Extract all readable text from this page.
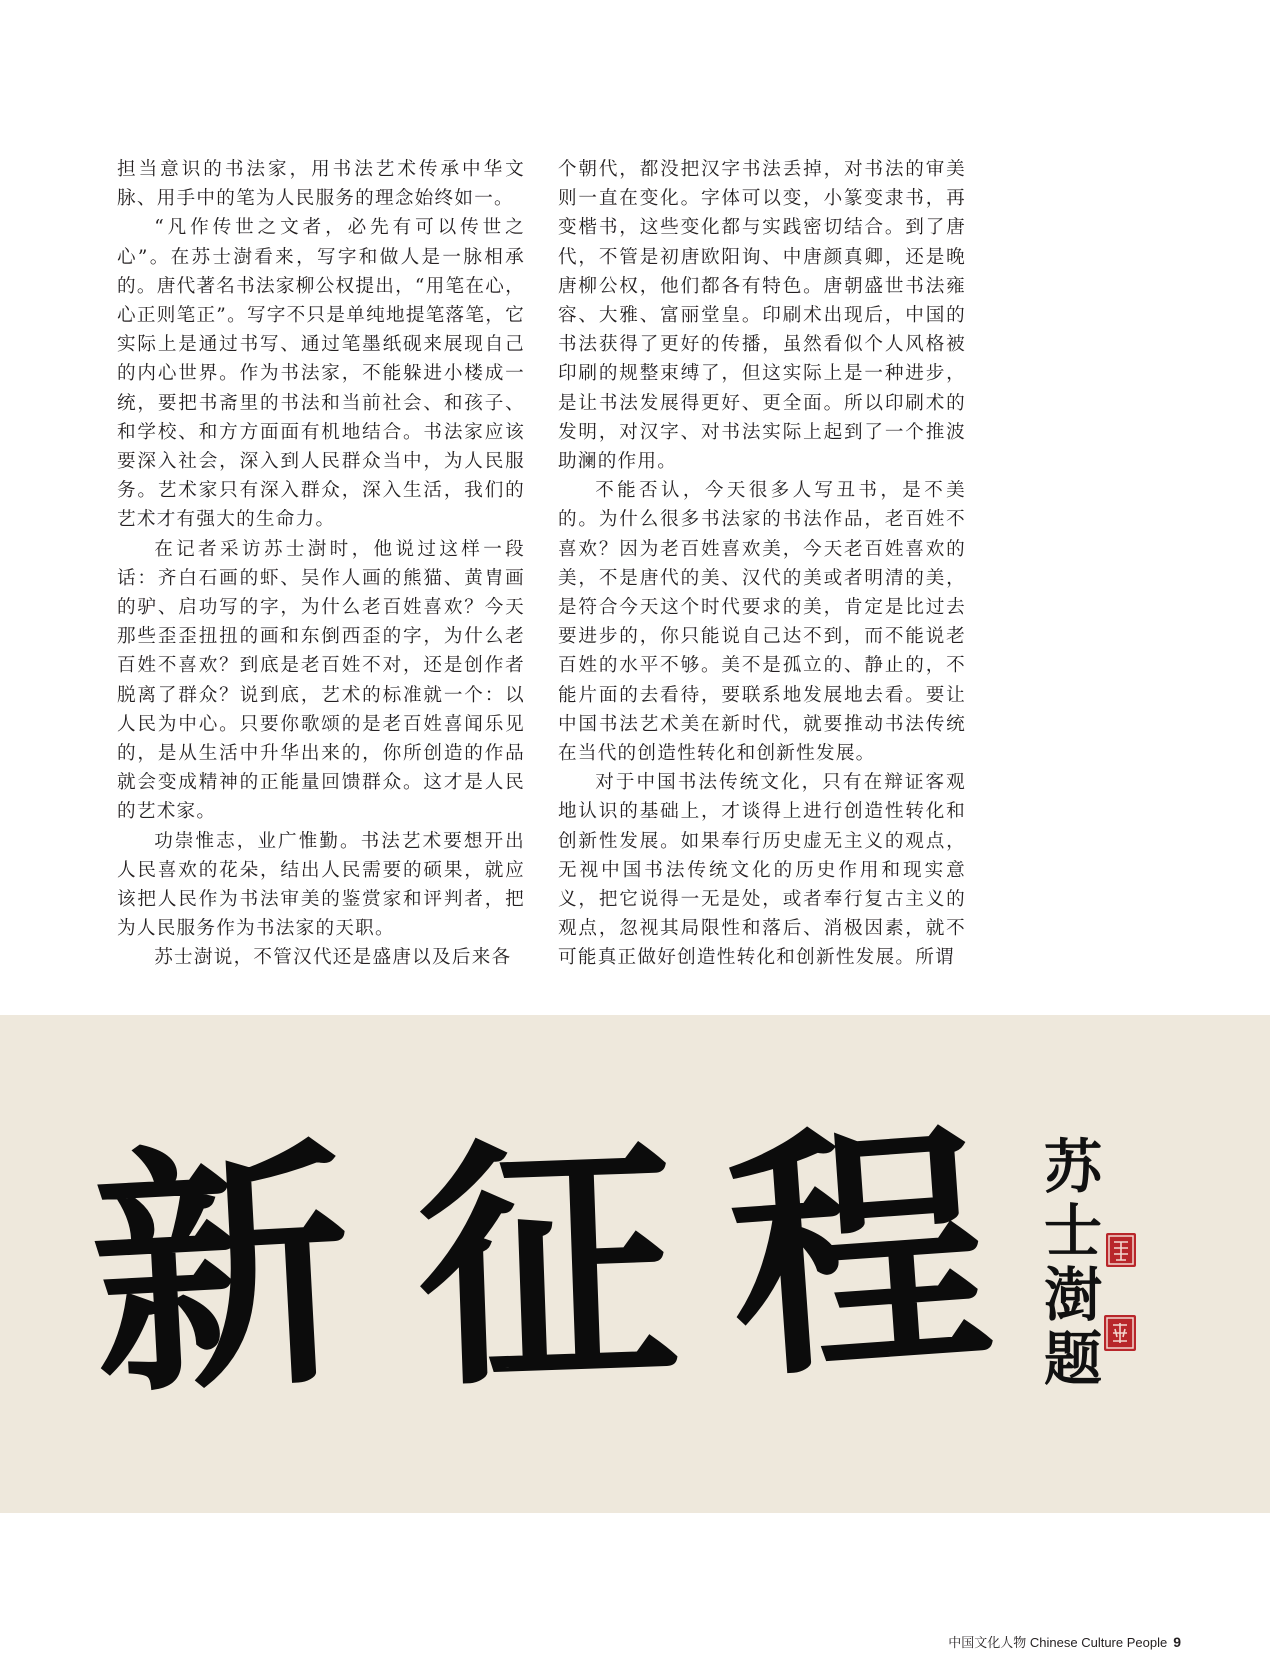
担当意识的书法家，用书法艺术传承中华文脉、用手中的笔为人民服务的理念始终如一。

“凡作传世之文者，必先有可以传世之心”。在苏士澍看来，写字和做人是一脉相承的。唐代著名书法家柳公权提出，“用笔在心，心正则笔正”。写字不只是单纯地提笔落笔，它实际上是通过书写、通过笔墨纸砚来展现自己的内心世界。作为书法家，不能躲进小楼成一统，要把书斋里的书法和当前社会、和孩子、和学校、和方方面面有机地结合。书法家应该要深入社会，深入到人民群众当中，为人民服务。艺术家只有深入群众，深入生活，我们的艺术才有强大的生命力。

在记者采访苏士澍时，他说过这样一段话：齐白石画的虾、吴作人画的熊猫、黄胄画的驴、启功写的字，为什么老百姓喜欢？今天那些歪歪扭扭的画和东倒西歪的字，为什么老百姓不喜欢？到底是老百姓不对，还是创作者脱离了群众？说到底，艺术的标准就一个：以人民为中心。只要你歌颂的是老百姓喜闻乐见的，是从生活中升华出来的，你所创造的作品就会变成精神的正能量回馈群众。这才是人民的艺术家。

功崇惟志，业广惟勤。书法艺术要想开出人民喜欢的花朵，结出人民需要的硕果，就应该把人民作为书法审美的鉴赏家和评判者，把为人民服务作为书法家的天职。

苏士澍说，不管汉代还是盛唐以及后来各

个朝代，都没把汉字书法丢掉，对书法的审美则一直在变化。字体可以变，小篆变隶书，再变楷书，这些变化都与实践密切结合。到了唐代，不管是初唐欧阳询、中唐颜真卿，还是晚唐柳公权，他们都各有特色。唐朝盛世书法雍容、大雅、富丽堂皇。印刷术出现后，中国的书法获得了更好的传播，虽然看似个人风格被印刷的规整束缚了，但这实际上是一种进步，是让书法发展得更好、更全面。所以印刷术的发明，对汉字、对书法实际上起到了一个推波助澜的作用。

不能否认，今天很多人写丑书，是不美的。为什么很多书法家的书法作品，老百姓不喜欢？因为老百姓喜欢美，今天老百姓喜欢的美，不是唐代的美、汉代的美或者明清的美，是符合今天这个时代要求的美，肯定是比过去要进步的，你只能说自己达不到，而不能说老百姓的水平不够。美不是孤立的、静止的，不能片面的去看待，要联系地发展地去看。要让中国书法艺术美在新时代，就要推动书法传统在当代的创造性转化和创新性发展。

对于中国书法传统文化，只有在辩证客观地认识的基础上，才谈得上进行创造性转化和创新性发展。如果奉行历史虚无主义的观点，无视中国书法传统文化的历史作用和现实意义，把它说得一无是处，或者奉行复古主义的观点，忽视其局限性和落后、消极因素，就不可能真正做好创造性转化和创新性发展。所谓

新 征 程 苏
士
澍
题
中国文化人物 Chinese Culture People 9
